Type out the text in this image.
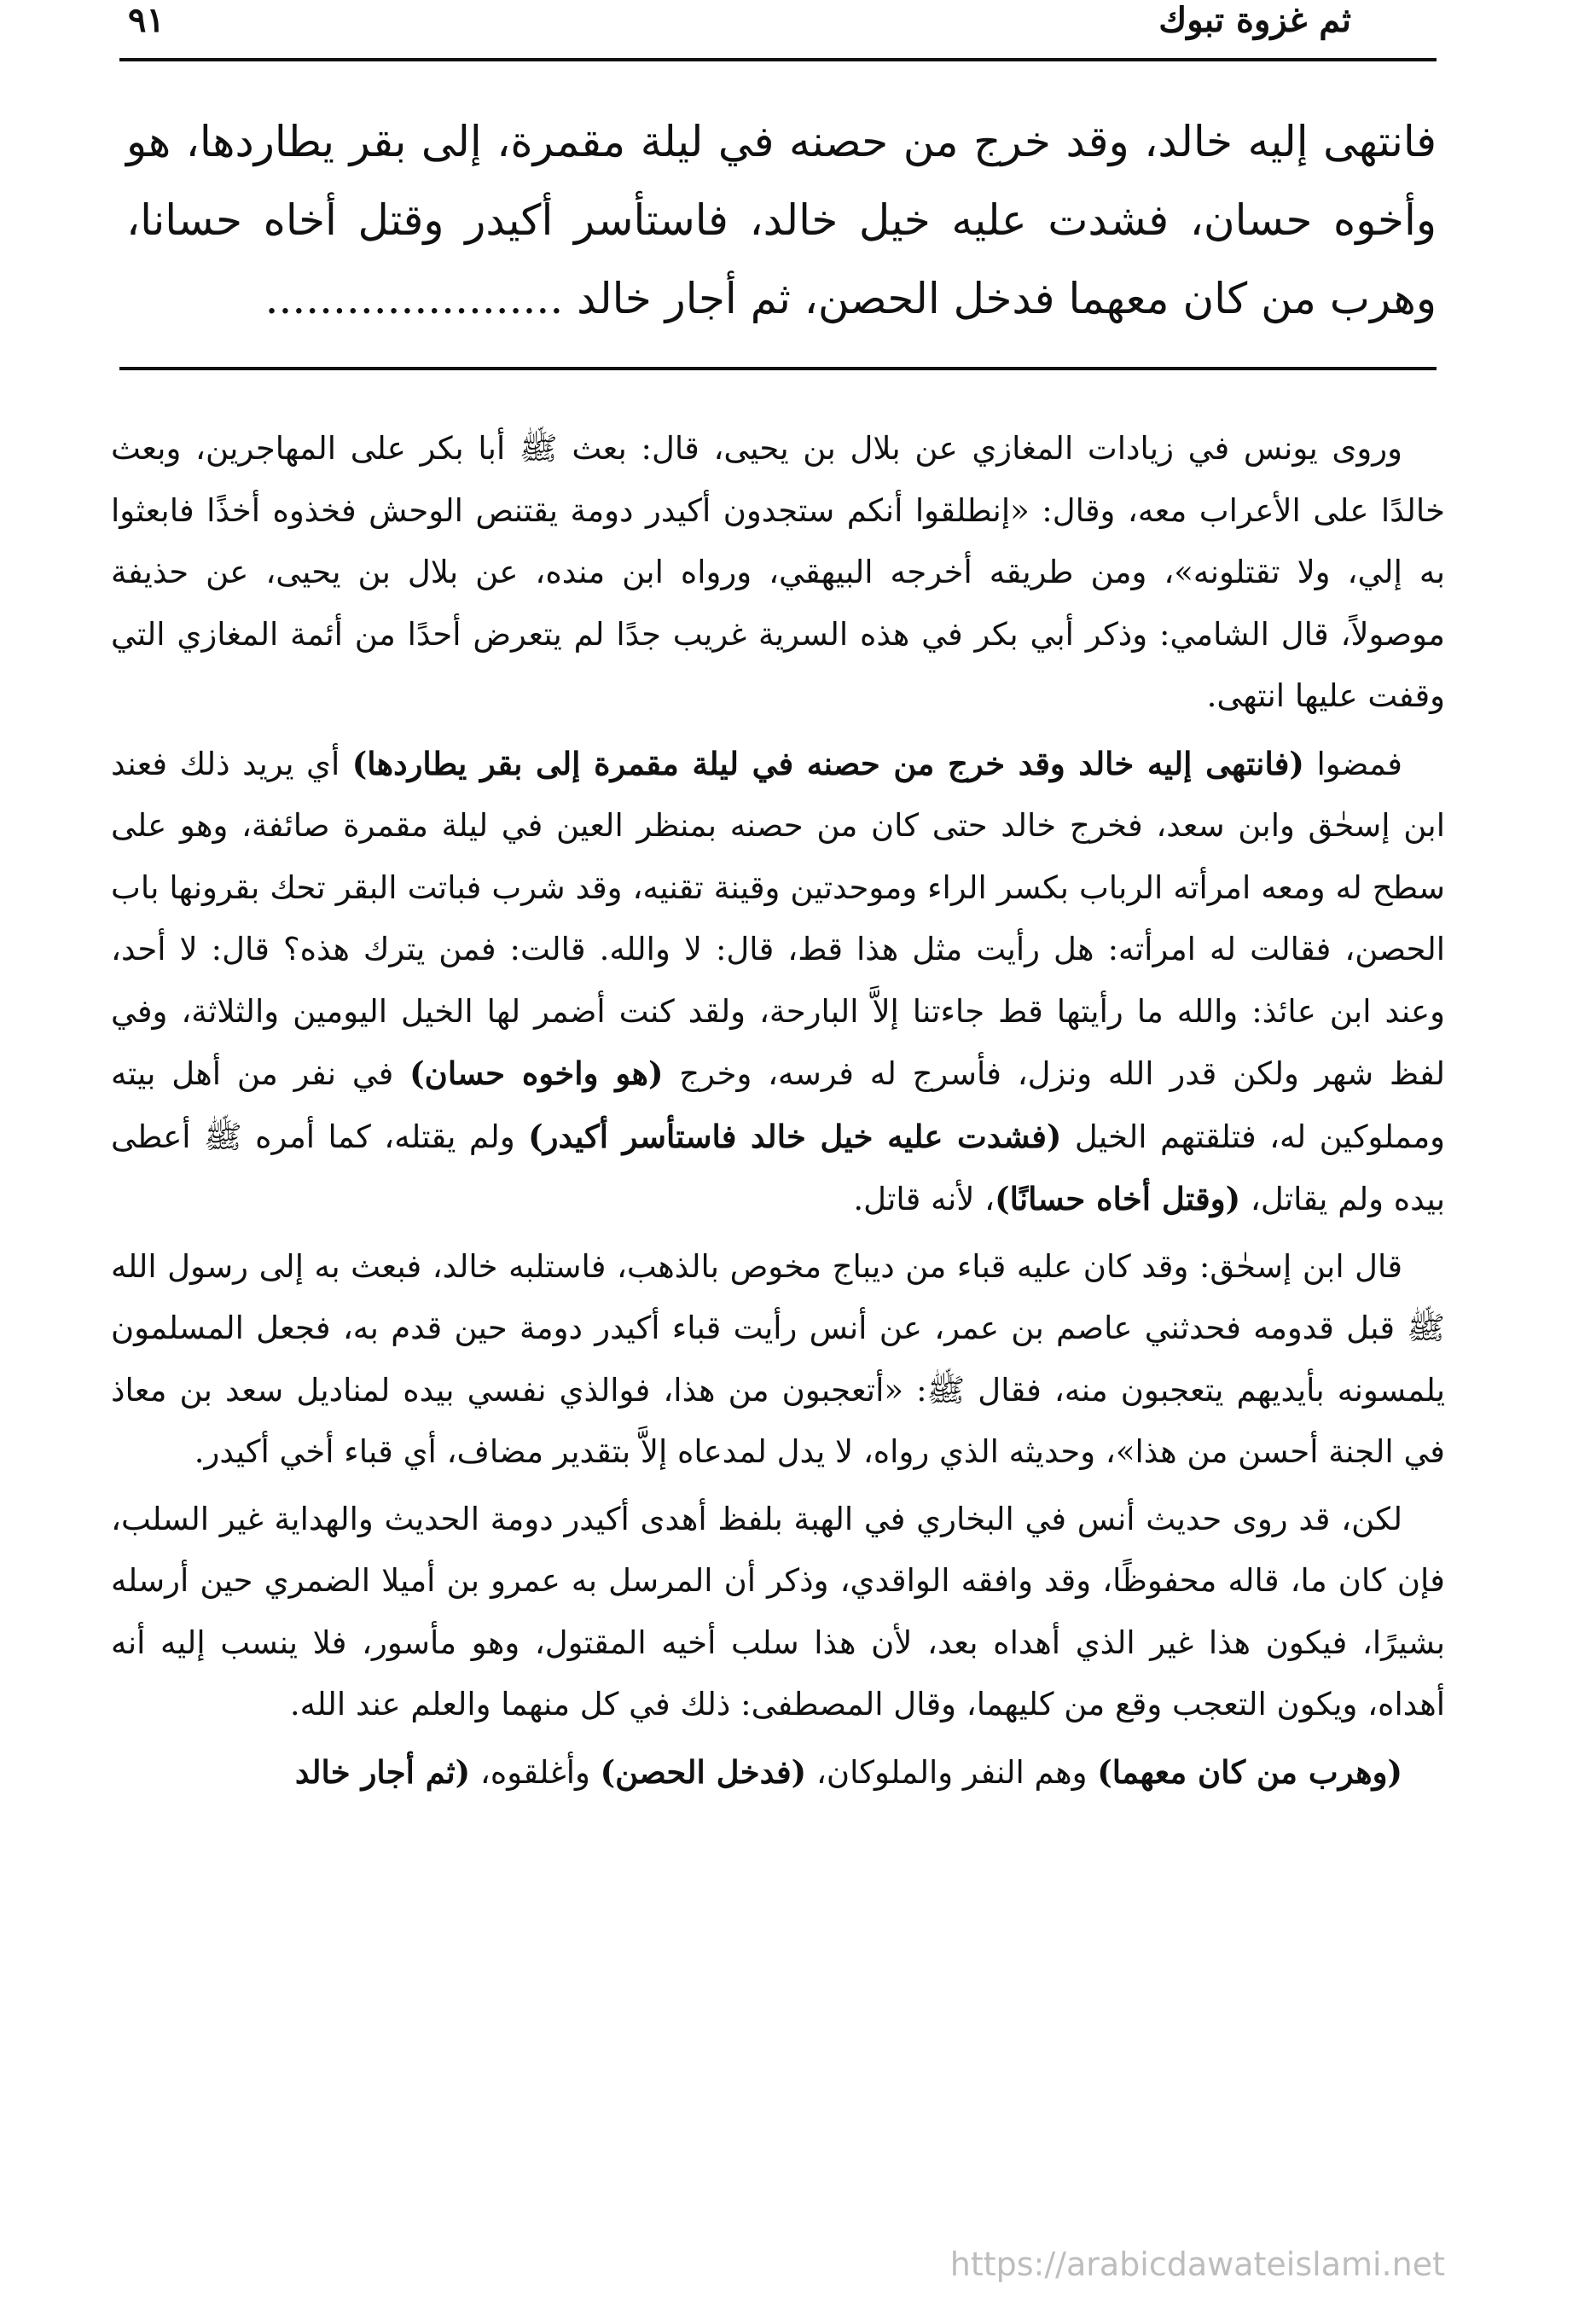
ثم غزوة تبوك
٩١
فانتهى إليه خالد، وقد خرج من حصنه في ليلة مقمرة، إلى بقر يطاردها، هو وأخوه حسان، فشدت عليه خيل خالد، فاستأسر أكيدر وقتل أخاه حسانا، وهرب من كان معهما فدخل الحصن، ثم أجار خالد ......................

وروى يونس في زيادات المغازي عن بلال بن يحيى، قال: بعث ﷺ أبا بكر على المهاجرين، وبعث خالدًا على الأعراب معه، وقال: «إنطلقوا أنكم ستجدون أكيدر دومة يقتنص الوحش فخذوه أخذًا فابعثوا به إلي، ولا تقتلونه»، ومن طريقه أخرجه البيهقي، ورواه ابن منده، عن بلال بن يحيى، عن حذيفة موصولاً، قال الشامي: وذكر أبي بكر في هذه السرية غريب جدًا لم يتعرض أحدًا من أئمة المغازي التي وقفت عليها انتهى.

فمضوا (فانتهى إليه خالد وقد خرج من حصنه في ليلة مقمرة إلى بقر يطاردها) أي يريد ذلك فعند ابن إسحٰق وابن سعد، فخرج خالد حتى كان من حصنه بمنظر العين في ليلة مقمرة صائفة، وهو على سطح له ومعه امرأته الرباب بكسر الراء وموحدتين وقينة تقنيه، وقد شرب فباتت البقر تحك بقرونها باب الحصن، فقالت له امرأته: هل رأيت مثل هذا قط، قال: لا والله. قالت: فمن يترك هذه؟ قال: لا أحد، وعند ابن عائذ: والله ما رأيتها قط جاءتنا إلاَّ البارحة، ولقد كنت أضمر لها الخيل اليومين والثلاثة، وفي لفظ شهر ولكن قدر الله ونزل، فأسرج له فرسه، وخرج (هو واخوه حسان) في نفر من أهل بيته ومملوكين له، فتلقتهم الخيل (فشدت عليه خيل خالد فاستأسر أكيدر) ولم يقتله، كما أمره ﷺ أعطى بيده ولم يقاتل، (وقتل أخاه حسانًا)، لأنه قاتل.

قال ابن إسحٰق: وقد كان عليه قباء من ديباج مخوص بالذهب، فاستلبه خالد، فبعث به إلى رسول الله ﷺ قبل قدومه فحدثني عاصم بن عمر، عن أنس رأيت قباء أكيدر دومة حين قدم به، فجعل المسلمون يلمسونه بأيديهم يتعجبون منه، فقال ﷺ: «أتعجبون من هذا، فوالذي نفسي بيده لمناديل سعد بن معاذ في الجنة أحسن من هذا»، وحديثه الذي رواه، لا يدل لمدعاه إلاَّ بتقدير مضاف، أي قباء أخي أكيدر.

لكن، قد روى حديث أنس في البخاري في الهبة بلفظ أهدى أكيدر دومة الحديث والهداية غير السلب، فإن كان ما، قاله محفوظًا، وقد وافقه الواقدي، وذكر أن المرسل به عمرو بن أميلا الضمري حين أرسله بشيرًا، فيكون هذا غير الذي أهداه بعد، لأن هذا سلب أخيه المقتول، وهو مأسور، فلا ينسب إليه أنه أهداه، ويكون التعجب وقع من كليهما، وقال المصطفى: ذلك في كل منهما والعلم عند الله.

(وهرب من كان معهما) وهم النفر والملوكان، (فدخل الحصن) وأغلقوه، (ثم أجار خالد

https://arabicdawateislami.net
